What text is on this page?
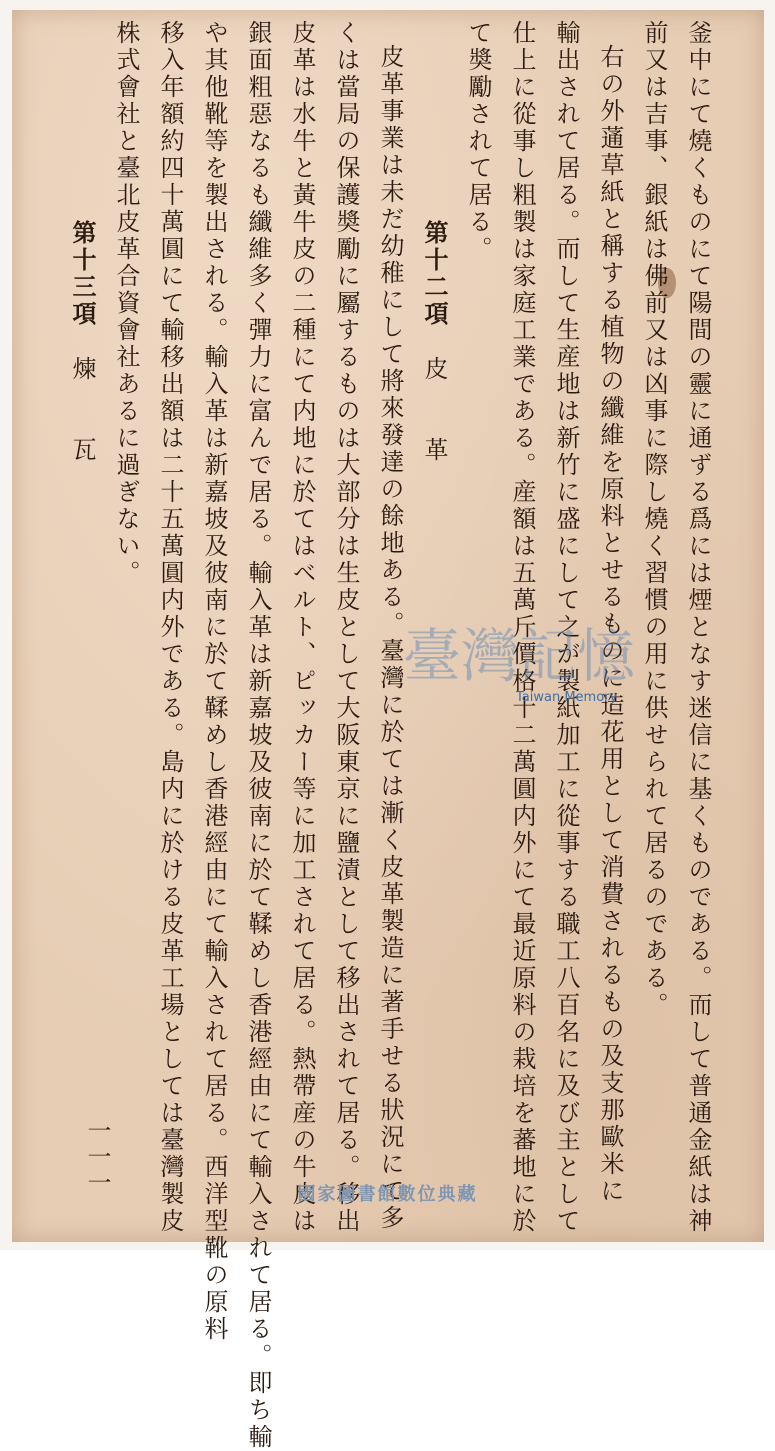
釜中にて燒くものにて陽間の靈に通ずる爲には煙となす迷信に基くものである。而して普通金紙は神
前又は吉事、銀紙は佛前又は凶事に際し燒く習慣の用に供せられて居るのである。
右の外蓪草紙と稱する植物の纖維を原料とせるものに造花用として消費されるもの及支那歐米に
輸出されて居る。而して生産地は新竹に盛にして之が製紙加工に從事する職工八百名に及び主として
仕上に從事し粗製は家庭工業である。産額は五萬斤價格十二萬圓内外にて最近原料の栽培を蕃地に於
て奬勵されて居る。
第十二項皮　　革
皮革事業は未だ幼稚にして將來發達の餘地ある。臺灣に於ては漸く皮革製造に著手せる狀況にて多
くは當局の保護奬勵に屬するものは大部分は生皮として大阪東京に鹽漬として移出されて居る。移出
皮革は水牛と黃牛皮の二種にて内地に於てはベルト、ピッカー等に加工されて居る。熱帶産の牛皮は
銀面粗惡なるも纖維多く彈力に富んで居る。輸入革は新嘉坡及彼南に於て鞣めし香港經由にて輸入されて居る。即ち輸
や其他靴等を製出される。輸入革は新嘉坡及彼南に於て鞣めし香港經由にて輸入されて居る。西洋型靴の原料
移入年額約四十萬圓にて輸移出額は二十五萬圓内外である。島内に於ける皮革工場としては臺灣製皮
株式會社と臺北皮革合資會社あるに過ぎない。
第十三項煉　　瓦
一一一
臺灣記憶
Taiwan Memory
國家圖書館數位典藏
